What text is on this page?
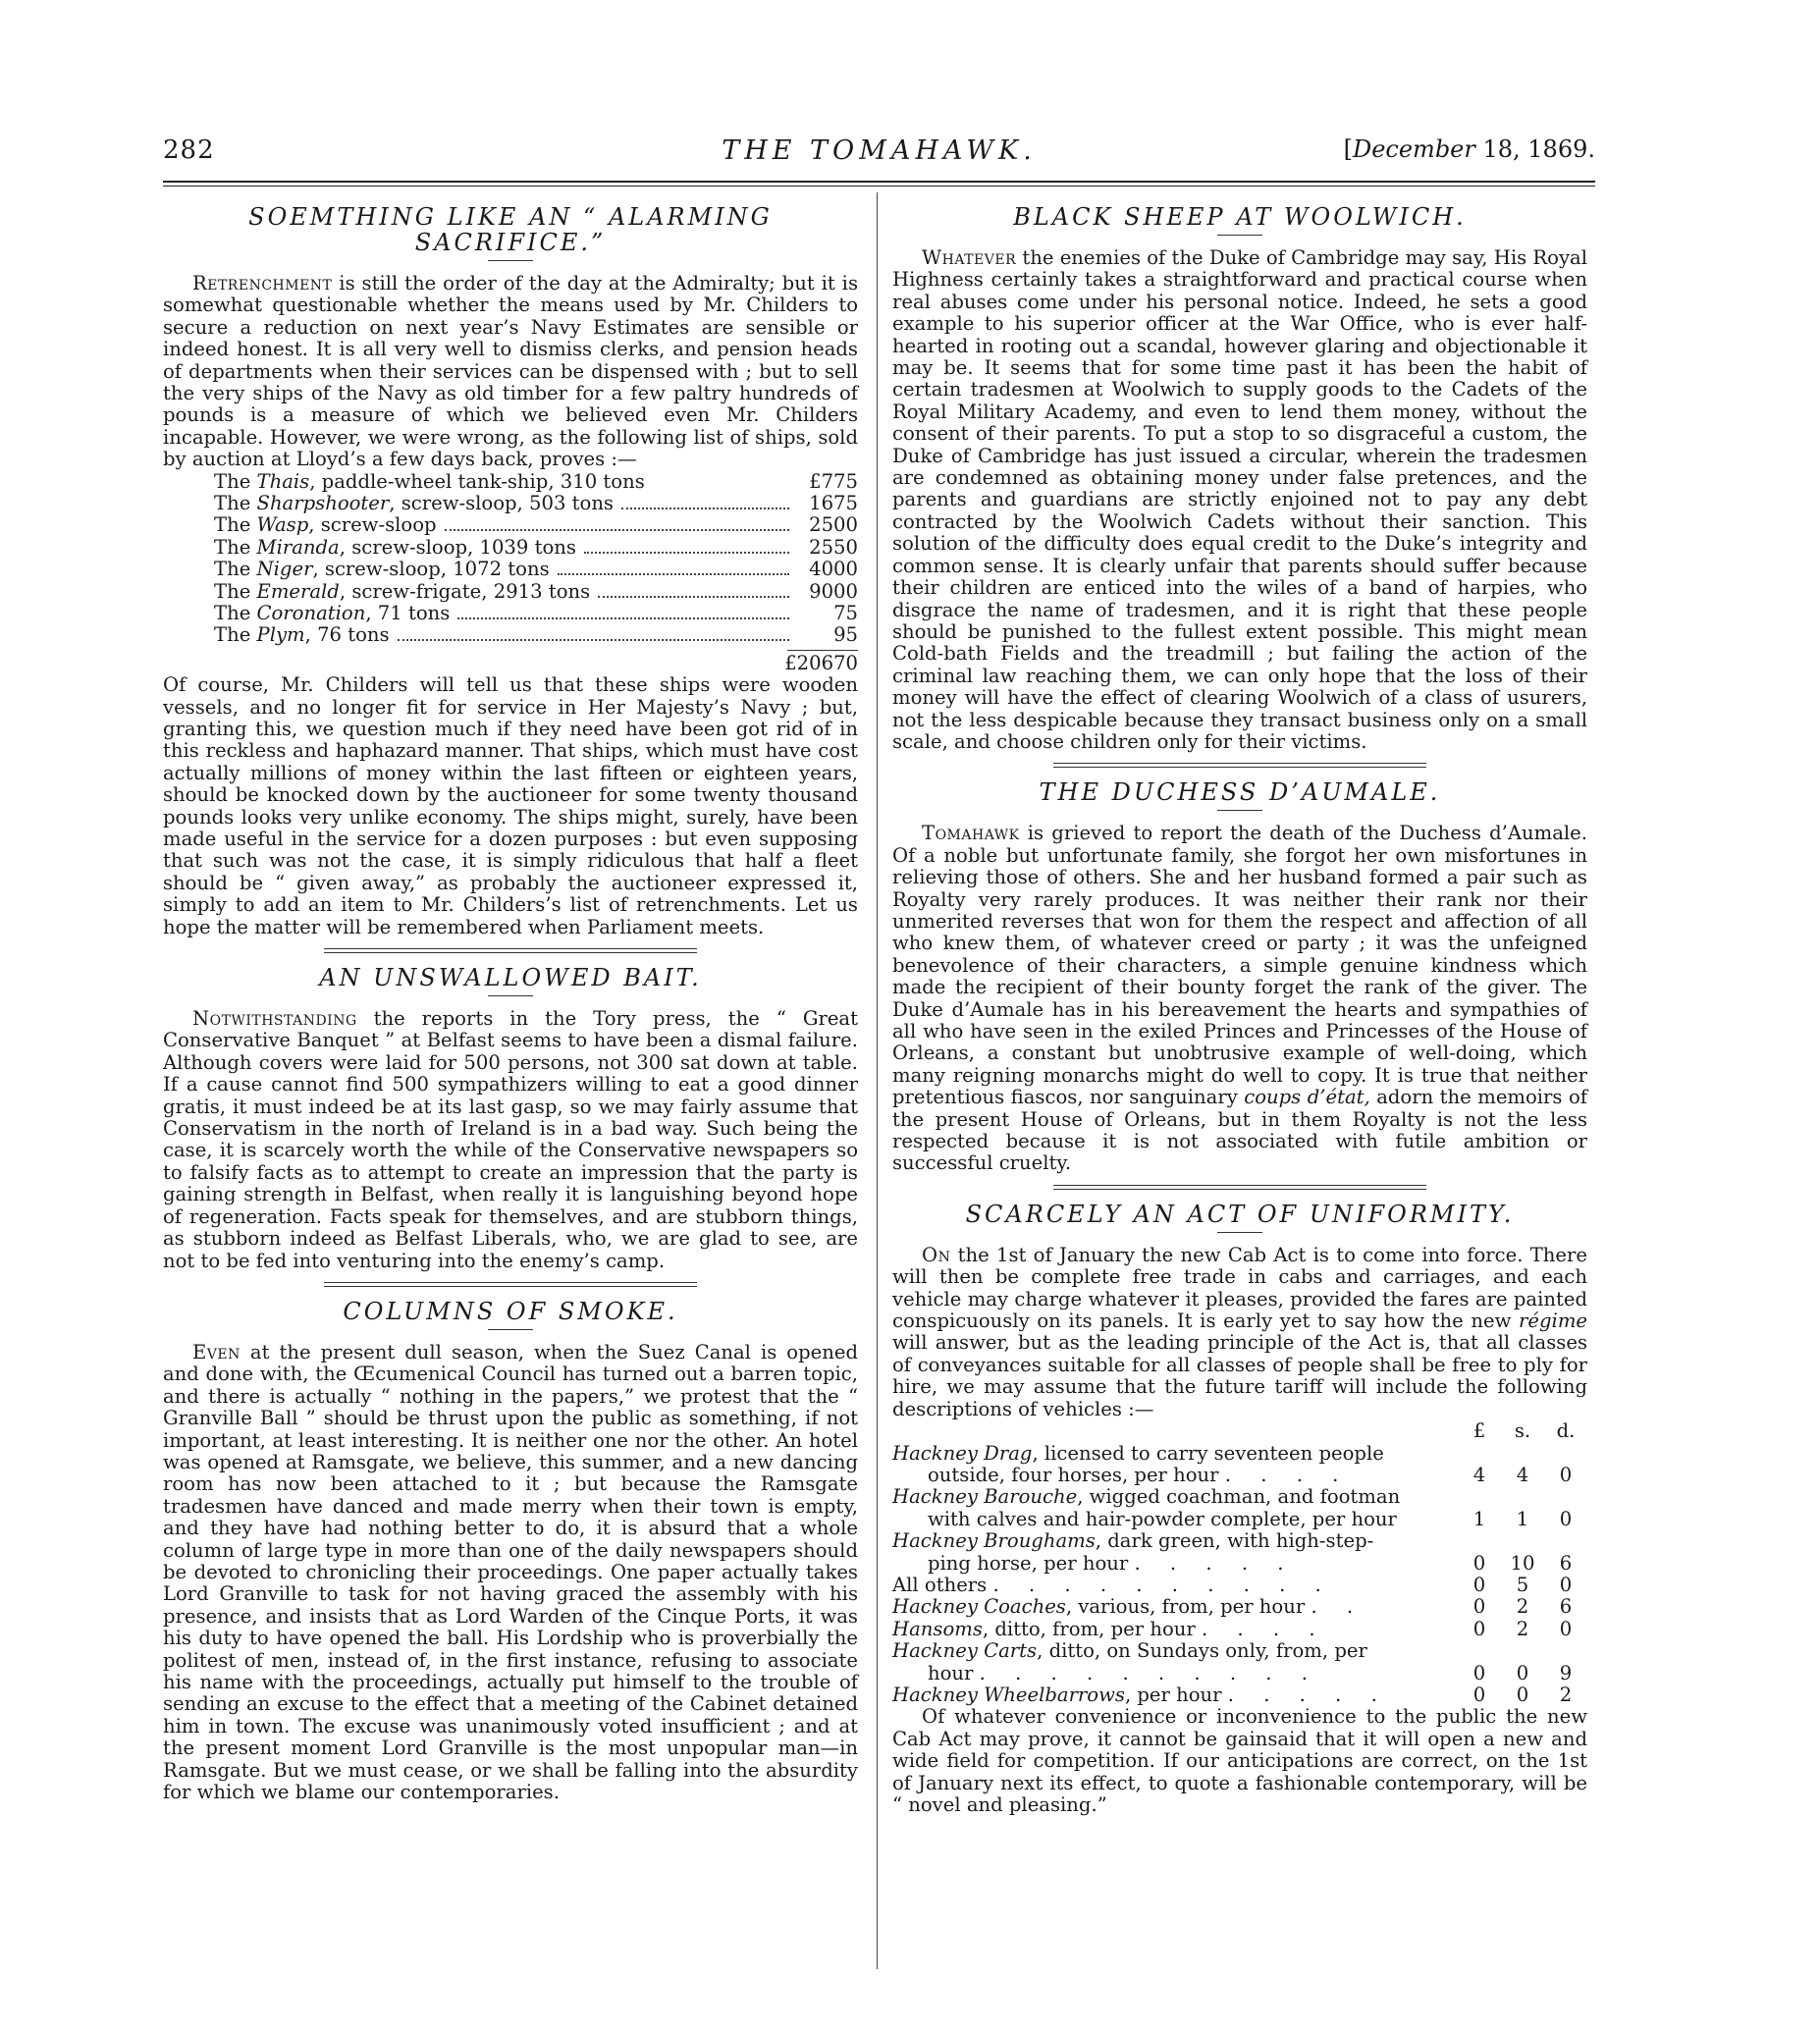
282	THE TOMAHAWK.	[December 18, 1869.
SOEMTHING LIKE AN “ ALARMING SACRIFICE.”

Retrenchment is still the order of the day at the Admiralty; but it is somewhat questionable whether the means used by Mr. Childers to secure a reduction on next year’s Navy Estimates are sensible or indeed honest. It is all very well to dismiss clerks, and pension heads of departments when their services can be dispensed with ; but to sell the very ships of the Navy as old timber for a few paltry hundreds of pounds is a measure of which we believed even Mr. Childers incapable. However, we were wrong, as the following list of ships, sold by auction at Lloyd’s a few days back, proves :—

The Thais, paddle-wheel tank-ship, 310 tons	£775
The Sharpshooter, screw-sloop, 503 tons	1675
The Wasp, screw-sloop	2500
The Miranda, screw-sloop, 1039 tons	2550
The Niger, screw-sloop, 1072 tons	4000
The Emerald, screw-frigate, 2913 tons	9000
The Coronation, 71 tons	75
The Plym, 76 tons	95
£20670

Of course, Mr. Childers will tell us that these ships were wooden vessels, and no longer fit for service in Her Majesty’s Navy ; but, granting this, we question much if they need have been got rid of in this reckless and haphazard manner. That ships, which must have cost actually millions of money within the last fifteen or eighteen years, should be knocked down by the auctioneer for some twenty thousand pounds looks very unlike economy. The ships might, surely, have been made useful in the service for a dozen purposes : but even supposing that such was not the case, it is simply ridiculous that half a fleet should be “ given away,” as probably the auctioneer expressed it, simply to add an item to Mr. Childers’s list of retrenchments. Let us hope the matter will be remembered when Parliament meets.

AN UNSWALLOWED BAIT.

Notwithstanding the reports in the Tory press, the “ Great Conservative Banquet ” at Belfast seems to have been a dismal failure. Although covers were laid for 500 persons, not 300 sat down at table. If a cause cannot find 500 sympathizers willing to eat a good dinner gratis, it must indeed be at its last gasp, so we may fairly assume that Conservatism in the north of Ireland is in a bad way. Such being the case, it is scarcely worth the while of the Conservative newspapers so to falsify facts as to attempt to create an impression that the party is gaining strength in Belfast, when really it is languishing beyond hope of regeneration. Facts speak for themselves, and are stubborn things, as stubborn indeed as Belfast Liberals, who, we are glad to see, are not to be fed into venturing into the enemy’s camp.

COLUMNS OF SMOKE.

Even at the present dull season, when the Suez Canal is opened and done with, the Œcumenical Council has turned out a barren topic, and there is actually “ nothing in the papers,” we protest that the “ Granville Ball ” should be thrust upon the public as something, if not important, at least interesting. It is neither one nor the other. An hotel was opened at Ramsgate, we believe, this summer, and a new dancing room has now been attached to it ; but because the Ramsgate tradesmen have danced and made merry when their town is empty, and they have had nothing better to do, it is absurd that a whole column of large type in more than one of the daily newspapers should be devoted to chronicling their proceedings. One paper actually takes Lord Granville to task for not having graced the assembly with his presence, and insists that as Lord Warden of the Cinque Ports, it was his duty to have opened the ball. His Lordship who is proverbially the politest of men, instead of, in the first instance, refusing to associate his name with the proceedings, actually put himself to the trouble of sending an excuse to the effect that a meeting of the Cabinet detained him in town. The excuse was unanimously voted insufficient ; and at the present moment Lord Granville is the most unpopular man—in Ramsgate. But we must cease, or we shall be falling into the absurdity for which we blame our contemporaries.

BLACK SHEEP AT WOOLWICH.

Whatever the enemies of the Duke of Cambridge may say, His Royal Highness certainly takes a straightforward and practical course when real abuses come under his personal notice. Indeed, he sets a good example to his superior officer at the War Office, who is ever half-hearted in rooting out a scandal, however glaring and objectionable it may be. It seems that for some time past it has been the habit of certain tradesmen at Woolwich to supply goods to the Cadets of the Royal Military Academy, and even to lend them money, without the consent of their parents. To put a stop to so disgraceful a custom, the Duke of Cambridge has just issued a circular, wherein the tradesmen are condemned as obtaining money under false pretences, and the parents and guardians are strictly enjoined not to pay any debt contracted by the Woolwich Cadets without their sanction. This solution of the difficulty does equal credit to the Duke’s integrity and common sense. It is clearly unfair that parents should suffer because their children are enticed into the wiles of a band of harpies, who disgrace the name of tradesmen, and it is right that these people should be punished to the fullest extent possible. This might mean Cold-bath Fields and the treadmill ; but failing the action of the criminal law reaching them, we can only hope that the loss of their money will have the effect of clearing Woolwich of a class of usurers, not the less despicable because they transact business only on a small scale, and choose children only for their victims.

THE DUCHESS D’AUMALE.

Tomahawk is grieved to report the death of the Duchess d’Aumale. Of a noble but unfortunate family, she forgot her own misfortunes in relieving those of others. She and her husband formed a pair such as Royalty very rarely produces. It was neither their rank nor their unmerited reverses that won for them the respect and affection of all who knew them, of whatever creed or party ; it was the unfeigned benevolence of their characters, a simple genuine kindness which made the recipient of their bounty forget the rank of the giver. The Duke d’Aumale has in his bereavement the hearts and sympathies of all who have seen in the exiled Princes and Princesses of the House of Orleans, a constant but unobtrusive example of well-doing, which many reigning monarchs might do well to copy. It is true that neither pretentious fiascos, nor sanguinary coups d’état, adorn the memoirs of the present House of Orleans, but in them Royalty is not the less respected because it is not associated with futile ambition or successful cruelty.

SCARCELY AN ACT OF UNIFORMITY.

On the 1st of January the new Cab Act is to come into force. There will then be complete free trade in cabs and carriages, and each vehicle may charge whatever it pleases, provided the fares are painted conspicuously on its panels. It is early yet to say how the new régime will answer, but as the leading principle of the Act is, that all classes of conveyances suitable for all classes of people shall be free to ply for hire, we may assume that the future tariff will include the following descriptions of vehicles :—

£	s.	d.
Hackney Drag, licensed to carry seventeen people
outside, four horses, per hour . . . .	4	4	0
Hackney Barouche, wigged coachman, and footman
with calves and hair-powder complete, per hour	1	1	0
Hackney Broughams, dark green, with high-step-
ping horse, per hour . . . . .	0	10	6
All others . . . . . . . . . .	0	5	0
Hackney Coaches, various, from, per hour . .	0	2	6
Hansoms, ditto, from, per hour . . . .	0	2	0
Hackney Carts, ditto, on Sundays only, from, per
hour . . . . . . . . . .	0	0	9
Hackney Wheelbarrows, per hour . . . . .	0	0	2

Of whatever convenience or inconvenience to the public the new Cab Act may prove, it cannot be gainsaid that it will open a new and wide field for competition. If our anticipations are correct, on the 1st of January next its effect, to quote a fashionable contemporary, will be “ novel and pleasing.”
